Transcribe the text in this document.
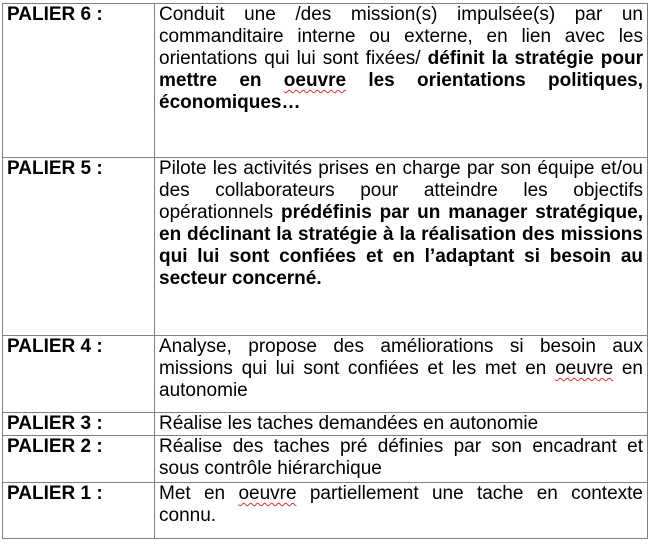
PALIER 6 :	Conduit une /des mission(s) impulsée(s) par un commanditaire interne ou externe, en lien avec les orientations qui lui sont fixées/ définit la stratégie pour mettre en oeuvre les orientations politiques, économiques…
PALIER 5 :	Pilote les activités prises en charge par son équipe et/ou des collaborateurs pour atteindre les objectifs opérationnels prédéfinis par un manager stratégique, en déclinant la stratégie à la réalisation des missions qui lui sont confiées et en l’adaptant si besoin au secteur concerné.
PALIER 4 :	Analyse, propose des améliorations si besoin aux missions qui lui sont confiées et les met en oeuvre en autonomie
PALIER 3 :	Réalise les taches demandées en autonomie
PALIER 2 :	Réalise des taches pré définies par son encadrant et sous contrôle hiérarchique
PALIER 1 :	Met en oeuvre partiellement une tache en contexte connu.
